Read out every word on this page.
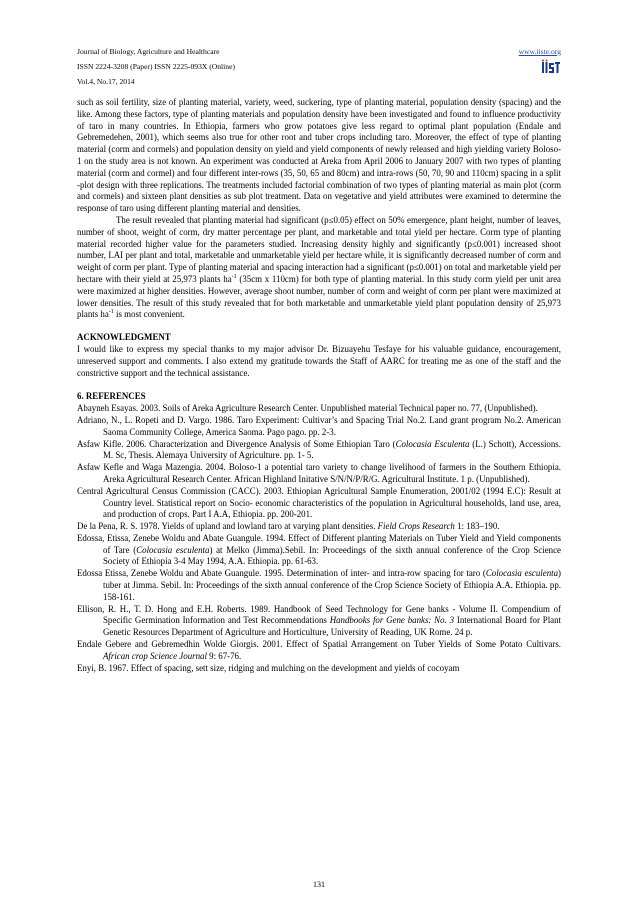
Journal of Biology, Agriculture and Healthcare	www.iiste.org
ISSN 2224-3208 (Paper) ISSN 2225-093X (Online)
Vol.4, No.17, 2014

such as soil fertility, size of planting material, variety, weed, suckering, type of planting material, population density (spacing) and the like. Among these factors, type of planting materials and population density have been investigated and found to influence productivity of taro in many countries. In Ethiopia, farmers who grow potatoes give less regard to optimal plant population (Endale and Gebremedehen, 2001), which seems also true for other root and tuber crops including taro. Moreover, the effect of type of planting material (corm and cormels) and population density on yield and yield components of newly released and high yielding variety Boloso-1 on the study area is not known. An experiment was conducted at Areka from April 2006 to January 2007 with two types of planting material (corm and cormel) and four different inter-rows (35, 50, 65 and 80cm) and intra-rows (50, 70, 90 and 110cm) spacing in a split -plot design with three replications. The treatments included factorial combination of two types of planting material as main plot (corm and cormels) and sixteen plant densities as sub plot treatment. Data on vegetative and yield attributes were examined to determine the response of taro using different planting material and densities.

The result revealed that planting material had significant (p≤0.05) effect on 50% emergence, plant height, number of leaves, number of shoot, weight of corm, dry matter percentage per plant, and marketable and total yield per hectare. Corm type of planting material recorded higher value for the parameters studied. Increasing density highly and significantly (p≤0.001) increased shoot number, LAI per plant and total, marketable and unmarketable yield per hectare while, it is significantly decreased number of corm and weight of corm per plant. Type of planting material and spacing interaction had a significant (p≤0.001) on total and marketable yield per hectare with their yield at 25,973 plants $ha^{-1}$ (35cm x 110cm) for both type of planting material. In this study corm yield per unit area were maximized at higher densities. However, average shoot number, number of corm and weight of corm per plant were maximized at lower densities. The result of this study revealed that for both marketable and unmarketable yield plant population density of 25,973 plants $ha^{-1}$ is most convenient.

ACKNOWLEDGMENT

I would like to express my special thanks to my major advisor Dr. Bizuayehu Tesfaye for his valuable guidance, encouragement, unreserved support and comments. I also extend my gratitude towards the Staff of AARC for treating me as one of the staff and the constrictive support and the technical assistance.

6. REFERENCES

Abayneh Esayas. 2003. Soils of Areka Agriculture Research Center. Unpublished material Technical paper no. 77, (Unpublished).

Adriano, N., L. Ropeti and D. Vargo. 1986. Taro Experiment: Cultivar’s and Spacing Trial No.2. Land grant program No.2. American Saoma Community College, America Saoma. Pago pago. pp. 2-3.

Asfaw Kifle. 2006. Characterization and Divergence Analysis of Some Ethiopian Taro (Colocasia Esculenta (L.) Schott), Accessions. M. Sc, Thesis. Alemaya University of Agriculture. pp. 1- 5.

Asfaw Kefle and Waga Mazengia. 2004. Boloso-1 a potential taro variety to change livelihood of farmers in the Southern Ethiopia. Areka Agricultural Research Center. African Highland Initative S/N/N/P/R/G. Agricultural Institute. 1 p. (Unpublished).

Central Agricultural Census Commission (CACC). 2003. Ethiopian Agricultural Sample Enumeration, 2001/02 (1994 E.C): Result at Country level. Statistical report on Socio- economic characteristics of the population in Agricultural households, land use, area, and production of crops. Part I A.A, Ethiopia. pp. 200-201.

De la Pena, R. S. 1978. Yields of upland and lowland taro at varying plant densities. Field Crops Research 1: 183–190.

Edossa, Etissa, Zenebe Woldu and Abate Guangule. 1994. Effect of Different planting Materials on Tuber Yield and Yield components of Tare (Colocasia esculenta) at Melko (Jimma).Sebil. In: Proceedings of the sixth annual conference of the Crop Science Society of Ethiopia 3-4 May 1994, A.A. Ethiopia. pp. 61-63.

Edossa Etissa, Zenebe Woldu and Abate Guangule. 1995. Determination of inter- and intra-row spacing for taro (Colocasia esculenta) tuber at Jimma. Sebil. In: Proceedings of the sixth annual conference of the Crop Science Society of Ethiopia A.A. Ethiopia. pp. 158-161.

Ellison, R. H., T. D. Hong and E.H. Roberts. 1989. Handbook of Seed Technology for Gene banks - Volume II. Compendium of Specific Germination Information and Test Recommendations Handbooks for Gene banks: No. 3 International Board for Plant Genetic Resources Department of Agriculture and Horticulture, University of Reading, UK Rome. 24 p.

Endale Gebere and Gebremedhin Wolde Giorgis. 2001. Effect of Spatial Arrangement on Tuber Yields of Some Potato Cultivars. African crop Science Journal 9: 67-76.

Enyi, B. 1967. Effect of spacing, sett size, ridging and mulching on the development and yields of cocoyam

131
